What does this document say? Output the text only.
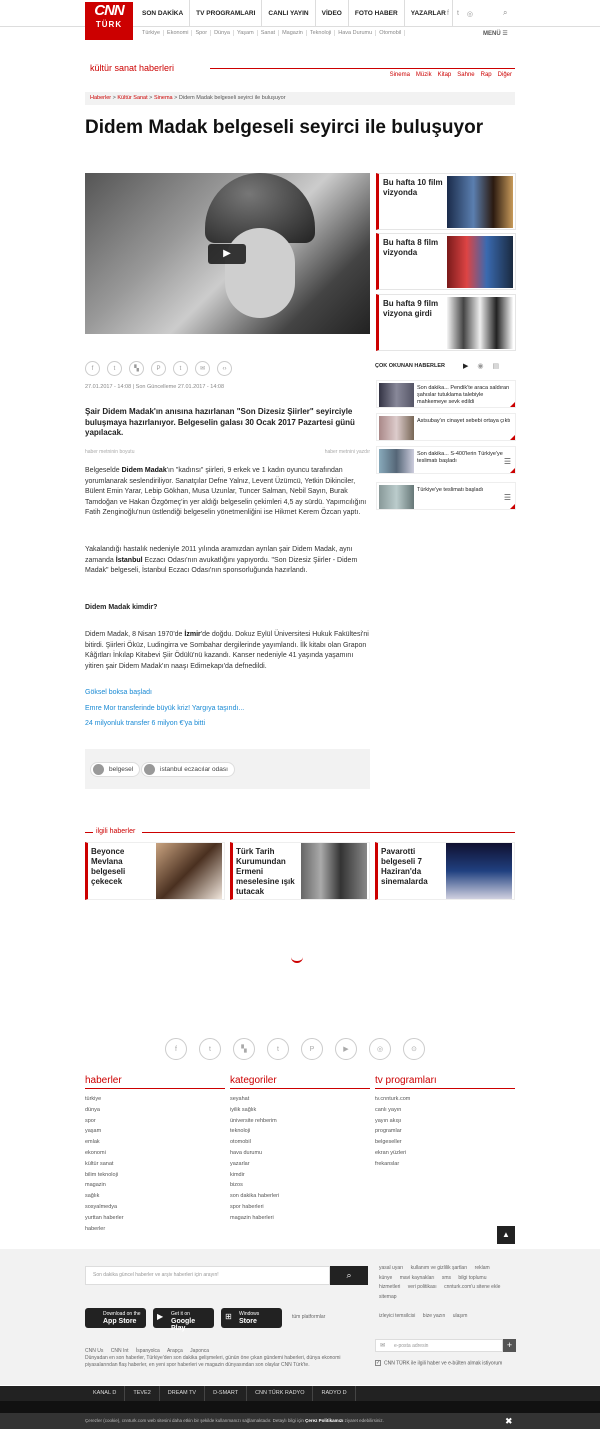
CNN
TÜRK
SON DAKİKA	TV PROGRAMLARI	CANLI YAYIN	VİDEO	FOTO HABER	YAZARLAR f t ◎	⌕
Türkiye	Ekonomi	Spor	Dünya	Yaşam	Sanat	Magazin	Teknoloji	Hava Durumu	Otomobil	MENÜ ☰
kültür sanat haberleri
Sinema Müzik Kitap Sahne Rap Diğer
Haberler > Kültür Sanat > Sinema > Didem Madak belgeseli seyirci ile buluşuyor
Didem Madak belgeseli seyirci ile buluşuyor
▶
Bu hafta 10 film vizyonda
Bu hafta 8 film vizyonda
Bu hafta 9 film vizyona girdi
f	t	▚	P	t	✉	‹›
27.01.2017 - 14:08 | Son Güncelleme 27.01.2017 - 14:08

Şair Didem Madak'ın anısına hazırlanan "Son Dizesiz Şiirler" seyirciyle buluşmaya hazırlanıyor. Belgeselin galası 30 Ocak 2017 Pazartesi günü yapılacak.

haber metninin boyutu	haber metnini yazdır

Belgeselde Didem Madak'ın "kadınsı" şiirleri, 9 erkek ve 1 kadın oyuncu tarafından yorumlanarak seslendiriliyor. Sanatçılar Defne Yalnız, Levent Üzümcü, Yetkin Dikinciler, Bülent Emin Yarar, Lebip Gökhan, Musa Uzunlar, Tuncer Salman, Nebil Sayın, Burak Tamdoğan ve Hakan Özgömeç'in yer aldığı belgeselin çekimleri 4,5 ay sürdü. Yapımcılığını Fatih Zenginoğlu'nun üstlendiği belgeselin yönetmenliğini ise Hikmet Kerem Özcan yaptı.

Yakalandığı hastalık nedeniyle 2011 yılında aramızdan ayrılan şair Didem Madak, aynı zamanda İstanbul Eczacı Odası'nın avukatlığını yapıyordu. "Son Dizesiz Şiirler - Didem Madak" belgeseli, İstanbul Eczacı Odası'nın sponsorluğunda hazırlandı.

Didem Madak kimdir?

Didem Madak, 8 Nisan 1970'de İzmir'de doğdu. Dokuz Eylül Üniversitesi Hukuk Fakültesi'ni bitirdi. Şiirleri Öküz, Ludingirra ve Sombahar dergilerinde yayımlandı. İlk kitabı olan Grapon Kâğıtları İnkılap Kitabevi Şiir Ödülü'nü kazandı. Kanser nedeniyle 41 yaşında yaşamını yitiren şair Didem Madak'ın naaşı Edirnekapı'da defnedildi.

Göksel boksa başladı
Emre Mor transferinde büyük kriz! Yargıya taşındı...
24 milyonluk transfer 6 milyon €'ya bitti
belgesel	istanbul eczacılar odası
ÇOK OKUNAN HABERLER	▶ ◉ ▤
Son dakika... Pendik'te araca saldıran şahıslar tutuklama talebiyle mahkemeye sevk edildi
Astsubay'ın cinayet sebebi ortaya çıktı
Son dakika... S-400'lerin Türkiye'ye teslimatı başladı	☰
Türkiye'ye teslimatı başladı
☰
ilgili haberler
Beyonce Mevlana belgeseli çekecek
Türk Tarih Kurumundan Ermeni meselesine ışık tutacak
Pavarotti belgeseli 7 Haziran'da sinemalarda
f	t	▚	t	P	▶	◎	⊙
haberler
türkiye
dünya
spor
yaşam
emlak
ekonomi
kültür sanat
bilim teknoloji
magazin
sağlık
sosyalmedya
yurttan haberler
haberler
kategoriler
seyahat
iyilik sağlık
üniversite rehberim
teknoloji
otomobil
hava durumu
yazarlar
kimdir
bizos
son dakika haberleri
spor haberleri
magazin haberleri
tv programları
tv.cnnturk.com
canlı yayın
yayın akışı
programlar
belgeseller
ekran yüzleri
frekanslar
▲
Son dakika güncel haberler ve arşiv haberleri için arayın!	⌕
yasal uyarı kullanım ve gizlilik şartları reklam künye mavi kaynakları sms bilgi toplumu hizmetleri veri politikası cnnturk.com'u sitene ekle sitemap

izleyici temsilcisi bize yazın ulaşım
Download on the
App Store
▶ Get it on
Google Play
⊞ Windows
Store
tüm platformlar
CNN Us CNN Int İspanyolca Arapça Japonca
Dünyadan en son haberler, Türkiye'den son dakika gelişmeleri, günün öne çıkan gündemi haberleri, dünya ekonomi piyasalarından flaş haberler, en yeni spor haberleri ve magazin dünyasından son olaylar CNN Türk'te.
✉ e-posta adresin	+
✓ CNN TÜRK ile ilgili haber ve e-bülten almak istiyorum
KANAL D	TEVE2	DREAM TV	D-SMART	CNN TÜRK RADYO	RADYO D
Çerezler (cookie), cnnturk.com web sitesini daha etkin bir şekilde kullanmanızı sağlamaktadır. Detaylı bilgi için Çerez Politikamızı ziyaret edebilirsiniz.	✖
